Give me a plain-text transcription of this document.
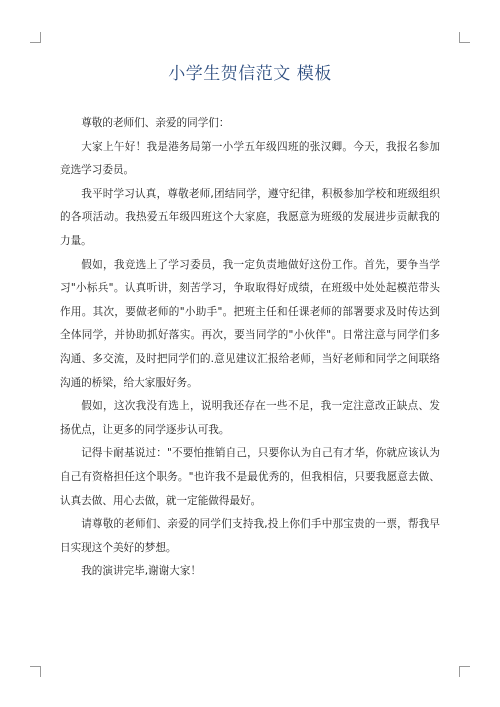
小学生贺信范文 模板

尊敬的老师们、亲爱的同学们：

大家上午好！我是港务局第一小学五年级四班的张汉卿。今天，我报名参加竞选学习委员。

我平时学习认真，尊敬老师,团结同学，遵守纪律，积极参加学校和班级组织的各项活动。我热爱五年级四班这个大家庭，我愿意为班级的发展进步贡献我的力量。

假如，我竞选上了学习委员，我一定负责地做好这份工作。首先，要争当学习"小标兵"。认真听讲，刻苦学习，争取取得好成绩，在班级中处处起模范带头作用。其次，要做老师的"小助手"。把班主任和任课老师的部署要求及时传达到全体同学，并协助抓好落实。再次，要当同学的"小伙伴"。日常注意与同学们多沟通、多交流，及时把同学们的.意见建议汇报给老师，当好老师和同学之间联络沟通的桥梁，给大家服好务。

假如，这次我没有选上，说明我还存在一些不足，我一定注意改正缺点、发扬优点，让更多的同学逐步认可我。

记得卡耐基说过："不要怕推销自己，只要你认为自己有才华，你就应该认为自己有资格担任这个职务。"也许我不是最优秀的，但我相信，只要我愿意去做、认真去做、用心去做，就一定能做得最好。

请尊敬的老师们、亲爱的同学们支持我,投上你们手中那宝贵的一票，帮我早日实现这个美好的梦想。

我的演讲完毕,谢谢大家！
